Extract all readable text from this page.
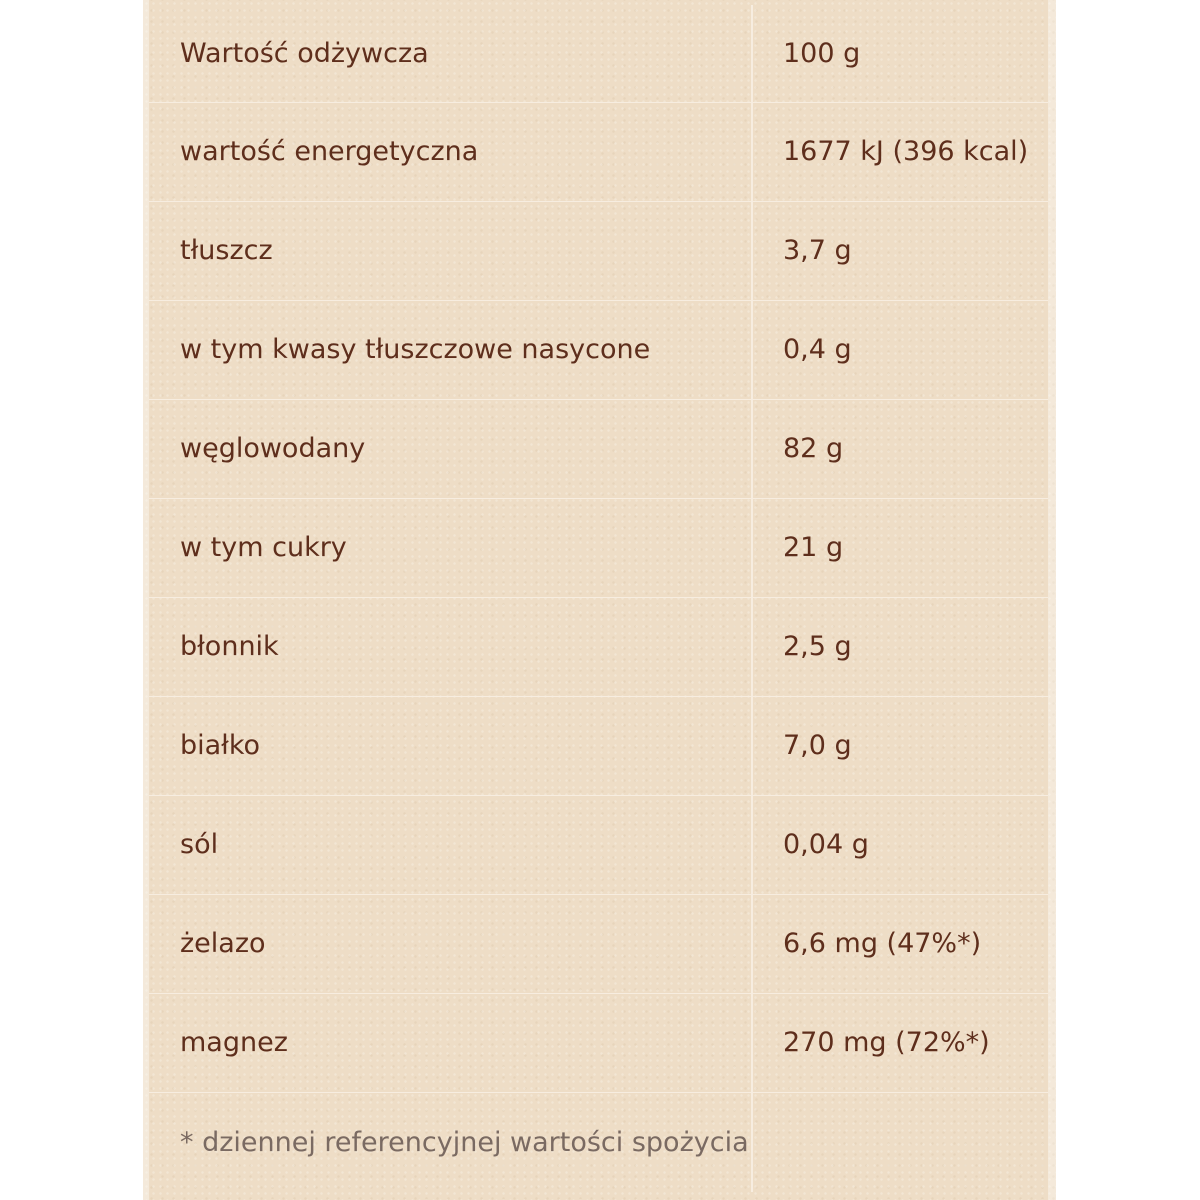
Wartość odżywcza	100 g
wartość energetyczna	1677 kJ (396 kcal)
tłuszcz	3,7 g
w tym kwasy tłuszczowe nasycone	0,4 g
węglowodany	82 g
w tym cukry	21 g
błonnik	2,5 g
białko	7,0 g
sól	0,04 g
żelazo	6,6 mg (47%*)
magnez	270 mg (72%*)
* dziennej referencyjnej wartości spożycia	
